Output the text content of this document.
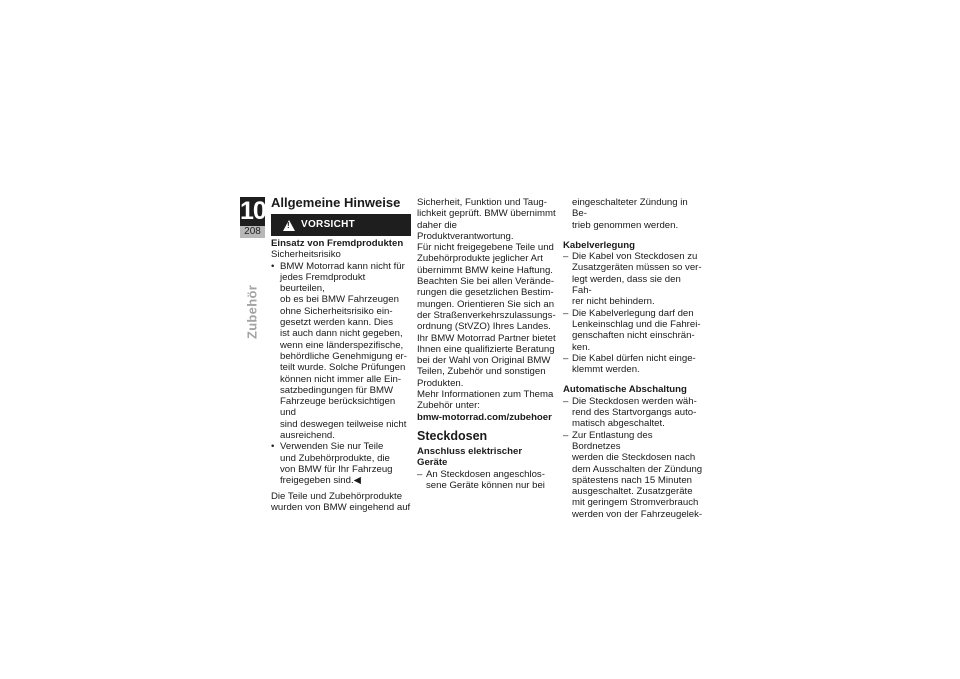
10
208
Zubehör
Allgemeine Hinweise
!
VORSICHT
Einsatz von Fremdprodukten
Sicherheitsrisiko
• BMW Motorrad kann nicht für
jedes Fremdprodukt beurteilen,
ob es bei BMW Fahrzeugen
ohne Sicherheitsrisiko ein-
gesetzt werden kann. Dies
ist auch dann nicht gegeben,
wenn eine länderspezifische,
behördliche Genehmigung er-
teilt wurde. Solche Prüfungen
können nicht immer alle Ein-
satzbedingungen für BMW
Fahrzeuge berücksichtigen und
sind deswegen teilweise nicht
ausreichend.
• Verwenden Sie nur Teile
und Zubehörprodukte, die
von BMW für Ihr Fahrzeug
freigegeben sind.◀
Die Teile und Zubehörprodukte
wurden von BMW eingehend auf
Sicherheit, Funktion und Taug-
lichkeit geprüft. BMW übernimmt
daher die Produktverantwortung.
Für nicht freigegebene Teile und
Zubehörprodukte jeglicher Art
übernimmt BMW keine Haftung.
Beachten Sie bei allen Verände-
rungen die gesetzlichen Bestim-
mungen. Orientieren Sie sich an
der Straßenverkehrszulassungs-
ordnung (StVZO) Ihres Landes.
Ihr BMW Motorrad Partner bietet
Ihnen eine qualifizierte Beratung
bei der Wahl von Original BMW
Teilen, Zubehör und sonstigen
Produkten.
Mehr Informationen zum Thema
Zubehör unter:
bmw-motorrad.com/zubehoer
Steckdosen
Anschluss elektrischer
Geräte
– An Steckdosen angeschlos-
sene Geräte können nur bei
eingeschalteter Zündung in Be-
trieb genommen werden.
Kabelverlegung
– Die Kabel von Steckdosen zu
Zusatzgeräten müssen so ver-
legt werden, dass sie den Fah-
rer nicht behindern.
– Die Kabelverlegung darf den
Lenkeinschlag und die Fahrei-
genschaften nicht einschrän-
ken.
– Die Kabel dürfen nicht einge-
klemmt werden.
Automatische Abschaltung
– Die Steckdosen werden wäh-
rend des Startvorgangs auto-
matisch abgeschaltet.
– Zur Entlastung des Bordnetzes
werden die Steckdosen nach
dem Ausschalten der Zündung
spätestens nach 15 Minuten
ausgeschaltet. Zusatzgeräte
mit geringem Stromverbrauch
werden von der Fahrzeugelek-
